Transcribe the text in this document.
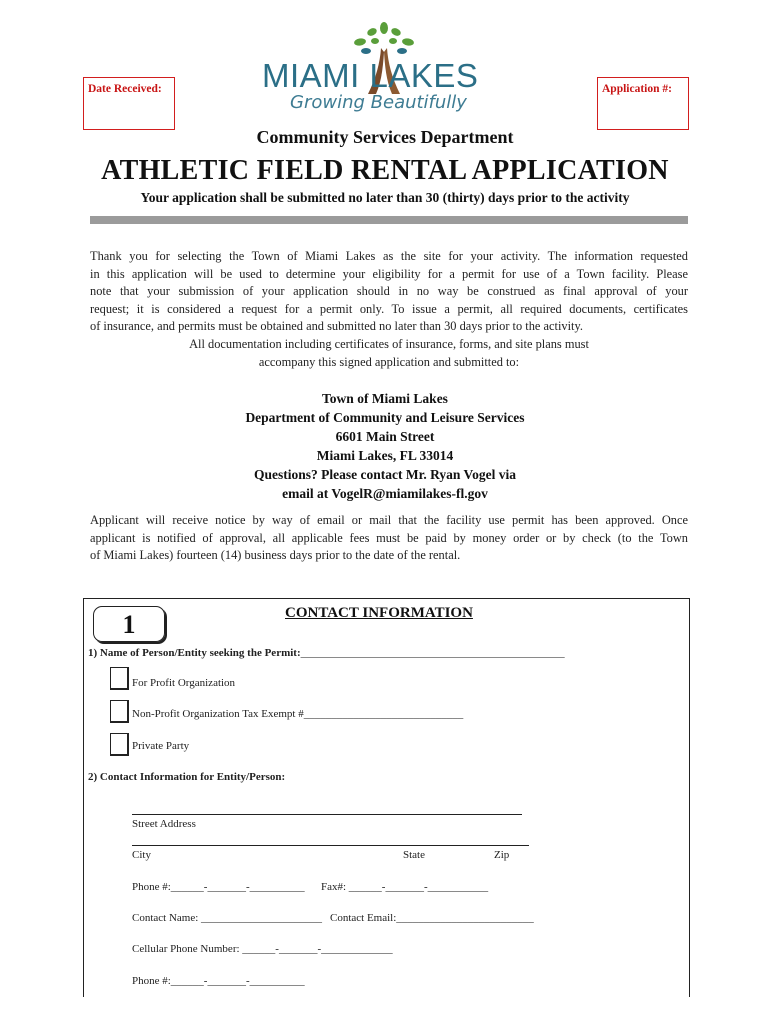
Date Received:	Application #:
MIAMI LAKES
Growing Beautifully
Community Services Department
ATHLETIC FIELD RENTAL APPLICATION
Your application shall be submitted no later than 30 (thirty) days prior to the activity
Thank you for selecting the Town of Miami Lakes as the site for your activity. The information requested
in this application will be used to determine your eligibility for a permit for use of a Town facility. Please
note that your submission of your application should in no way be construed as final approval of your
request; it is considered a request for a permit only. To issue a permit, all required documents, certificates
of insurance, and permits must be obtained and submitted no later than 30 days prior to the activity.
All documentation including certificates of insurance, forms, and site plans must
accompany this signed application and submitted to:
Town of Miami Lakes
Department of Community and Leisure Services
6601 Main Street
Miami Lakes, FL 33014
Questions? Please contact Mr. Ryan Vogel via
email at VogelR@miamilakes-fl.gov
Applicant will receive notice by way of email or mail that the facility use permit has been approved. Once
applicant is notified of approval, all applicable fees must be paid by money order or by check (to the Town
of Miami Lakes) fourteen (14) business days prior to the date of the rental.
1	CONTACT INFORMATION
1) Name of Person/Entity seeking the Permit:________________________________________________
For Profit Organization
Non-Profit Organization Tax Exempt #_____________________________
Private Party
2) Contact Information for Entity/Person:
Street Address
City	State	Zip
Phone #:______-_______-__________ Fax#: ______-_______-___________
Contact Name: ______________________ Contact Email:_________________________
Cellular Phone Number: ______-_______-_____________
Phone #:______-_______-__________
